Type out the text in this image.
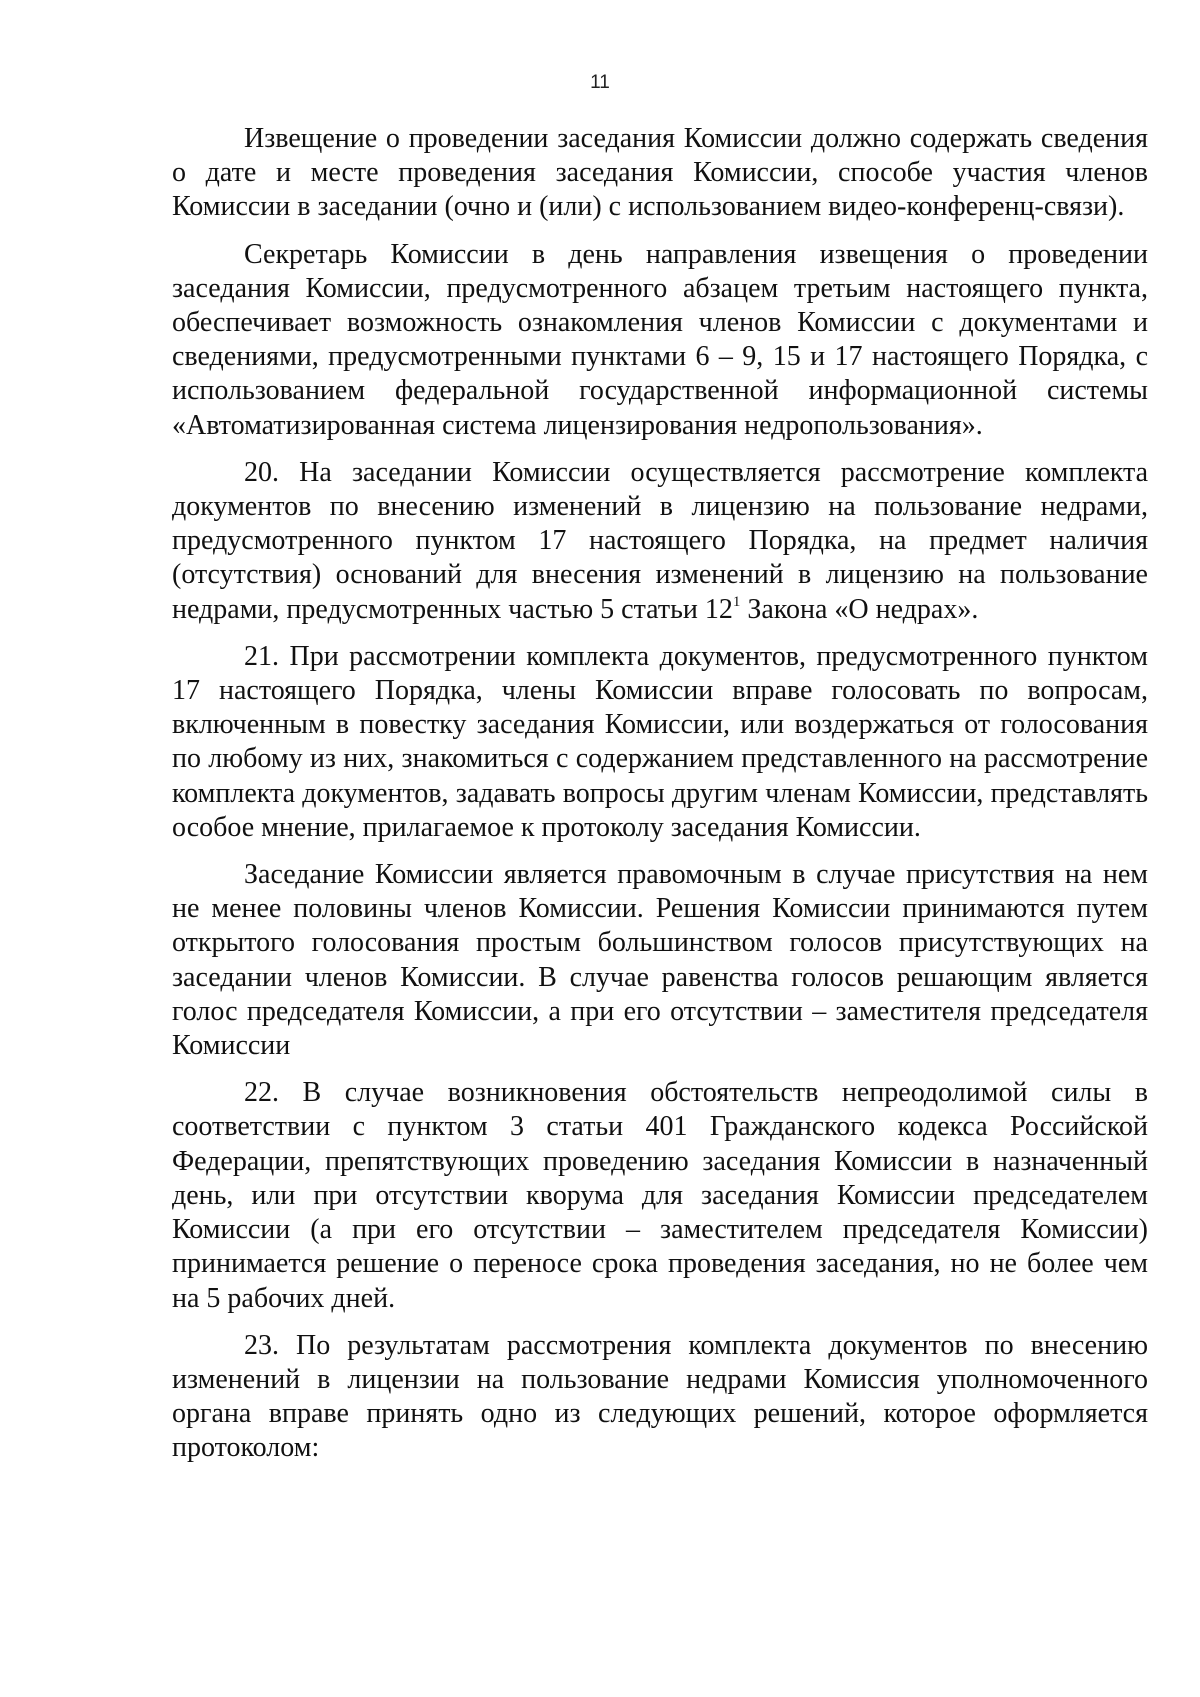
11

Извещение о проведении заседания Комиссии должно содержать сведения о дате и месте проведения заседания Комиссии, способе участия членов Комиссии в заседании (очно и (или) с использованием видео-конференц-связи).

Секретарь Комиссии в день направления извещения о проведении заседания Комиссии, предусмотренного абзацем третьим настоящего пункта, обеспечивает возможность ознакомления членов Комиссии с документами и сведениями, предусмотренными пунктами 6 – 9, 15 и 17 настоящего Порядка, с использованием федеральной государственной информационной системы «Автоматизированная система лицензирования недропользования».

20. На заседании Комиссии осуществляется рассмотрение комплекта документов по внесению изменений в лицензию на пользование недрами, предусмотренного пунктом 17 настоящего Порядка, на предмет наличия (отсутствия) оснований для внесения изменений в лицензию на пользование недрами, предусмотренных частью 5 статьи $12^1$ Закона «О недрах».

21. При рассмотрении комплекта документов, предусмотренного пунктом 17 настоящего Порядка, члены Комиссии вправе голосовать по вопросам, включенным в повестку заседания Комиссии, или воздержаться от голосования по любому из них, знакомиться с содержанием представленного на рассмотрение комплекта документов, задавать вопросы другим членам Комиссии, представлять особое мнение, прилагаемое к протоколу заседания Комиссии.

Заседание Комиссии является правомочным в случае присутствия на нем не менее половины членов Комиссии. Решения Комиссии принимаются путем открытого голосования простым большинством голосов присутствующих на заседании членов Комиссии. В случае равенства голосов решающим является голос председателя Комиссии, а при его отсутствии – заместителя председателя Комиссии

22. В случае возникновения обстоятельств непреодолимой силы в соответствии с пунктом 3 статьи 401 Гражданского кодекса Российской Федерации, препятствующих проведению заседания Комиссии в назначенный день, или при отсутствии кворума для заседания Комиссии председателем Комиссии (а при его отсутствии – заместителем председателя Комиссии) принимается решение о переносе срока проведения заседания, но не более чем на 5 рабочих дней.

23. По результатам рассмотрения комплекта документов по внесению изменений в лицензии на пользование недрами Комиссия уполномоченного органа вправе принять одно из следующих решений, которое оформляется протоколом:
